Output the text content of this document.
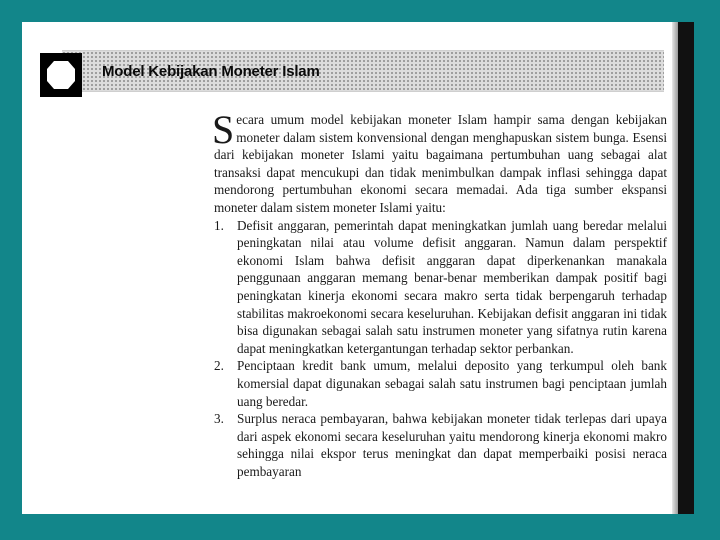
Model Kebijakan Moneter Islam

Secara umum model kebijakan moneter Islam hampir sama dengan kebijakan moneter dalam sistem konvensional dengan menghapuskan sistem bunga. Esensi dari kebijakan moneter Islami yaitu bagaimana pertumbuhan uang sebagai alat transaksi dapat mencukupi dan tidak menimbulkan dampak inflasi sehingga dapat mendorong pertumbuhan ekonomi secara memadai. Ada tiga sumber ekspansi moneter dalam sistem moneter Islami yaitu:

1. Defisit anggaran, pemerintah dapat meningkatkan jumlah uang beredar melalui peningkatan nilai atau volume defisit anggaran. Namun dalam perspektif ekonomi Islam bahwa defisit anggaran dapat diperkenankan manakala penggunaan anggaran memang benar-benar memberikan dampak positif bagi peningkatan kinerja ekonomi secara makro serta tidak berpengaruh terhadap stabilitas makroekonomi secara keseluruhan. Kebijakan defisit anggaran ini tidak bisa digunakan sebagai salah satu instrumen moneter yang sifatnya rutin karena dapat meningkatkan ketergantungan terhadap sektor perbankan.
2. Penciptaan kredit bank umum, melalui deposito yang terkumpul oleh bank komersial dapat digunakan sebagai salah satu instrumen bagi penciptaan jumlah uang beredar.
3. Surplus neraca pembayaran, bahwa kebijakan moneter tidak terlepas dari upaya dari aspek ekonomi secara keseluruhan yaitu mendorong kinerja ekonomi makro sehingga nilai ekspor terus meningkat dan dapat memperbaiki posisi neraca pembayaran
